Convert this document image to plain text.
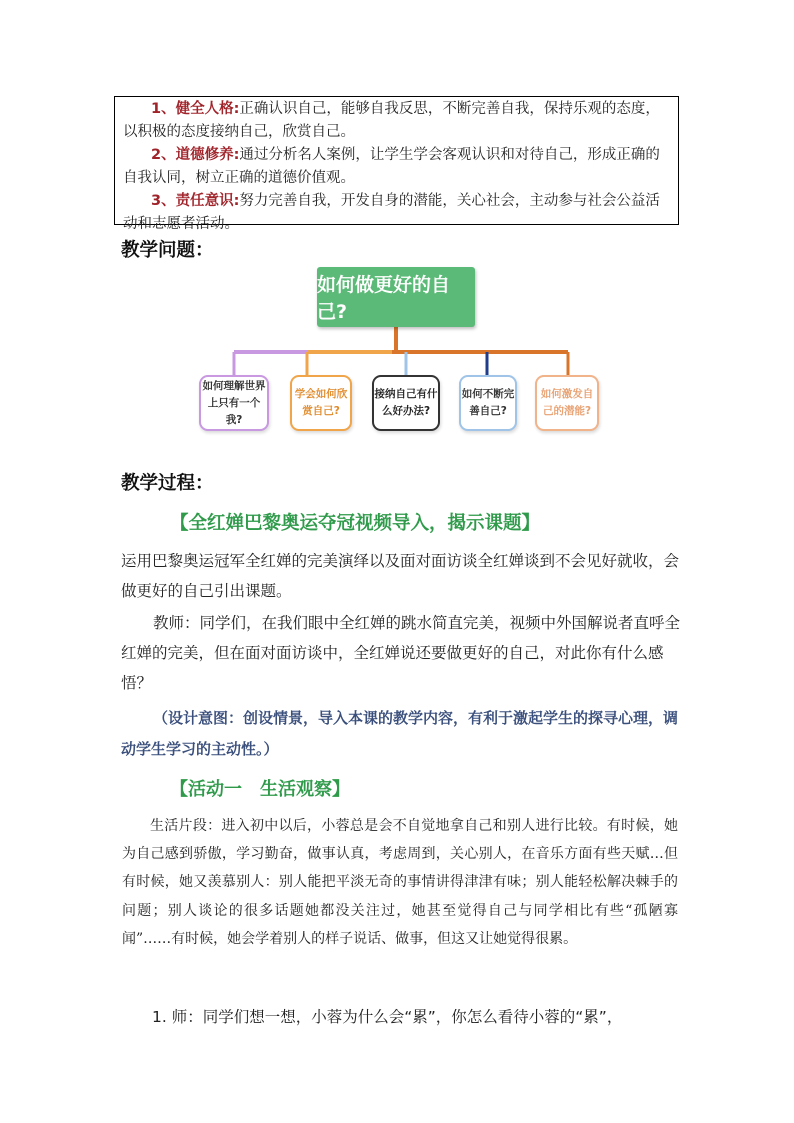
1、健全人格:正确认识自己，能够自我反思，不断完善自我，保持乐观的态度，以积极的态度接纳自己，欣赏自己。

2、道德修养:通过分析名人案例，让学生学会客观认识和对待自己，形成正确的自我认同，树立正确的道德价值观。

3、责任意识:努力完善自我，开发自身的潜能，关心社会，主动参与社会公益活动和志愿者活动。

教学问题：
如何做更好的自己?
如何理解世界上只有一个我?
学会如何欣赏自己?
接纳自己有什么好办法?
如何不断完善自己?
如何激发自己的潜能?
教学过程：
【全红婵巴黎奥运夺冠视频导入，揭示课题】

运用巴黎奥运冠军全红婵的完美演绎以及面对面访谈全红婵谈到不会见好就收，会做更好的自己引出课题。

教师：同学们，在我们眼中全红婵的跳水简直完美，视频中外国解说者直呼全红婵的完美，但在面对面访谈中，全红婵说还要做更好的自己，对此你有什么感悟？

（设计意图：创设情景，导入本课的教学内容，有利于激起学生的探寻心理，调动学生学习的主动性。）

【活动一　生活观察】

生活片段：进入初中以后，小蓉总是会不自觉地拿自己和别人进行比较。有时候，她为自己感到骄傲，学习勤奋，做事认真，考虑周到，关心别人，在音乐方面有些天赋…但有时候，她又羡慕别人：别人能把平淡无奇的事情讲得津津有味；别人能轻松解决棘手的问题；别人谈论的很多话题她都没关注过，她甚至觉得自己与同学相比有些“孤陋寡闻”……有时候，她会学着别人的样子说话、做事，但这又让她觉得很累。

1. 师：同学们想一想，小蓉为什么会“累”，你怎么看待小蓉的“累”，
